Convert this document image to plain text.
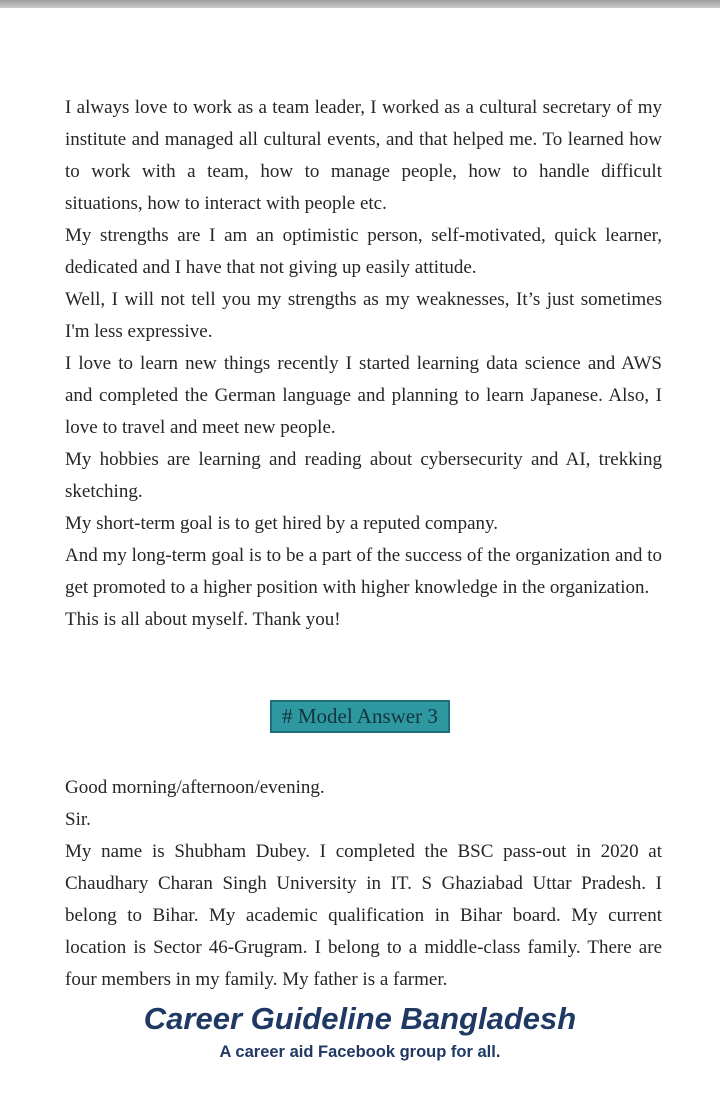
I always love to work as a team leader, I worked as a cultural secretary of my institute and managed all cultural events, and that helped me. To learned how to work with a team, how to manage people, how to handle difficult situations, how to interact with people etc.

My strengths are I am an optimistic person, self-motivated, quick learner, dedicated and I have that not giving up easily attitude.

Well, I will not tell you my strengths as my weaknesses, It’s just sometimes I'm less expressive.

I love to learn new things recently I started learning data science and AWS and completed the German language and planning to learn Japanese. Also, I love to travel and meet new people.

My hobbies are learning and reading about cybersecurity and AI, trekking sketching.

My short-term goal is to get hired by a reputed company.

And my long-term goal is to be a part of the success of the organization and to get promoted to a higher position with higher knowledge in the organization.

This is all about myself. Thank you!

# Model Answer 3

Good morning/afternoon/evening.

Sir.

My name is Shubham Dubey. I completed the BSC pass-out in 2020 at Chaudhary Charan Singh University in IT. S Ghaziabad Uttar Pradesh. I belong to Bihar. My academic qualification in Bihar board. My current location is Sector 46-Grugram. I belong to a middle-class family. There are four members in my family. My father is a farmer.

Career Guideline Bangladesh

A career aid Facebook group for all.
